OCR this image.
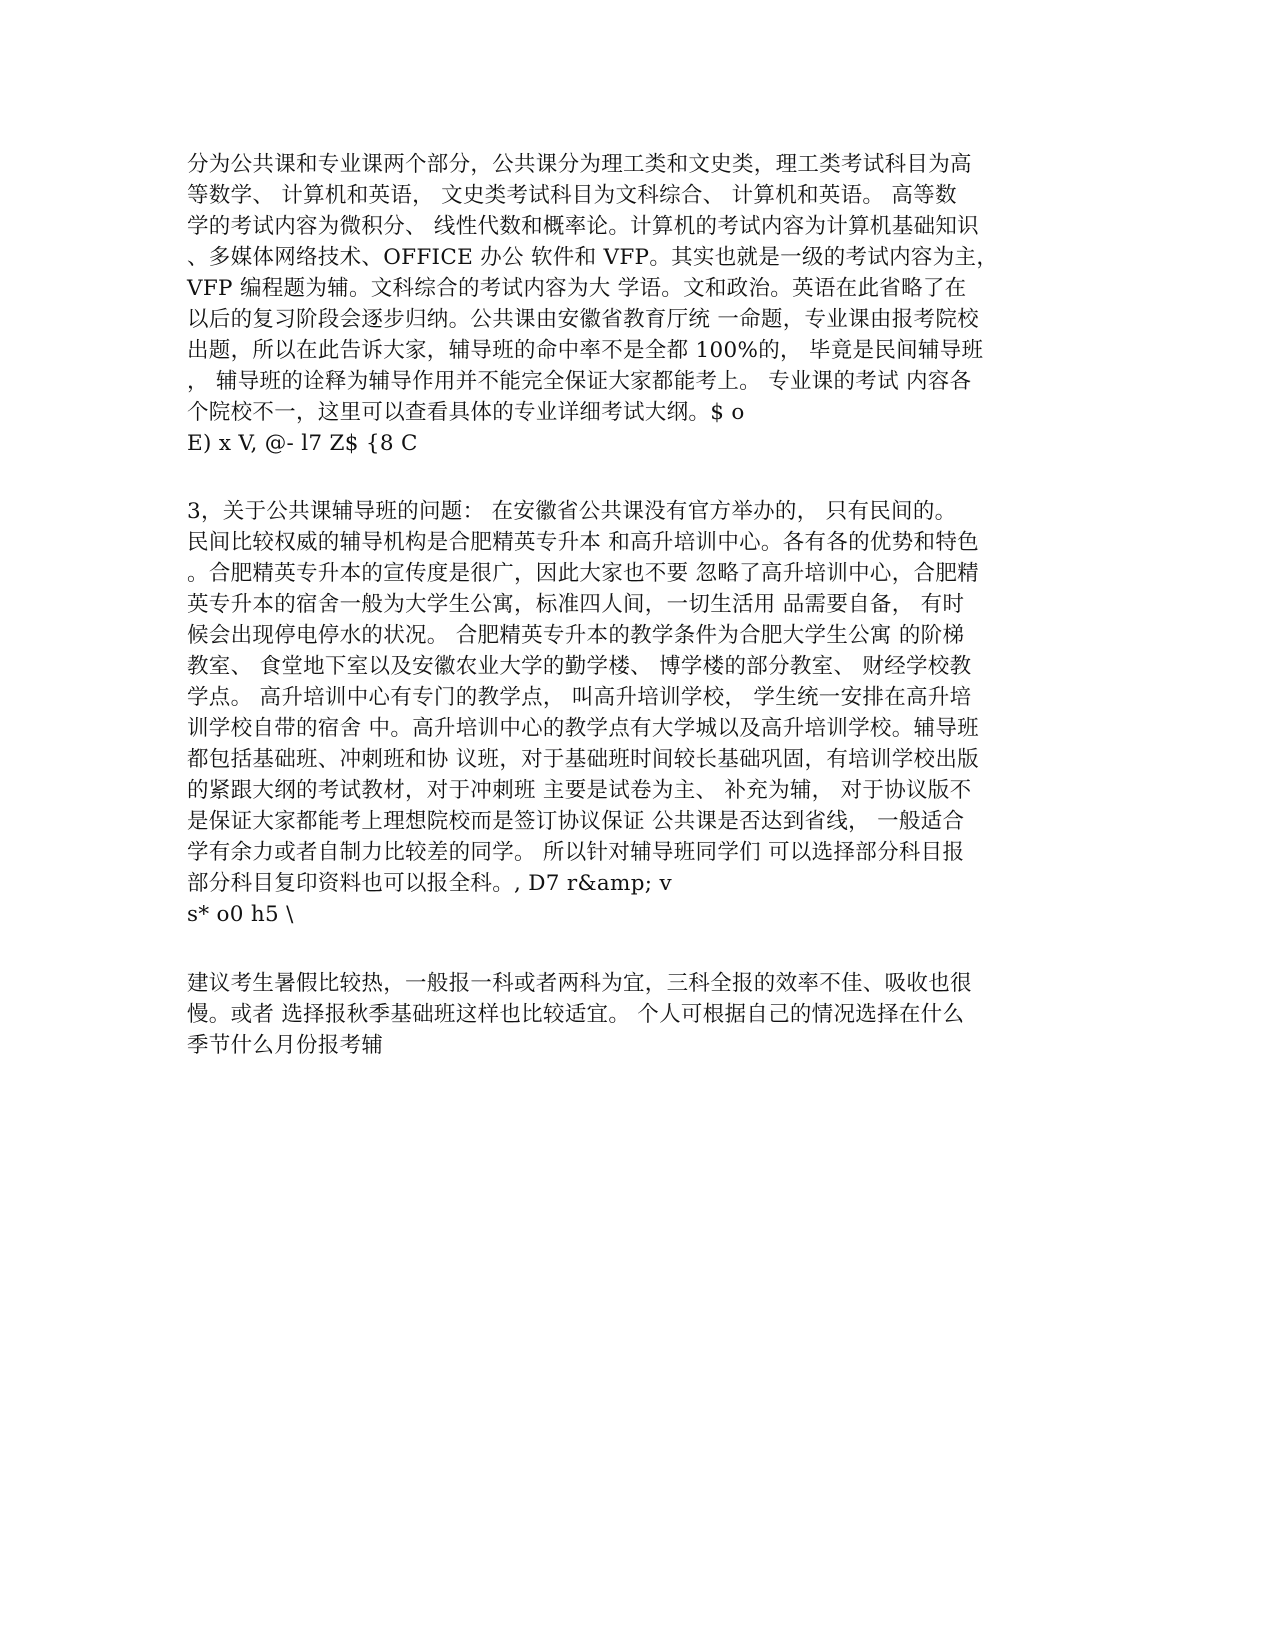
分为公共课和专业课两个部分，公共课分为理工类和文史类，理工类考试科目为高
等数学、 计算机和英语， 文史类考试科目为文科综合、 计算机和英语。 高等数
学的考试内容为微积分、 线性代数和概率论。计算机的考试内容为计算机基础知识
、多媒体网络技术、OFFICE 办公 软件和 VFP。其实也就是一级的考试内容为主，
VFP 编程题为辅。文科综合的考试内容为大 学语。文和政治。英语在此省略了在
以后的复习阶段会逐步归纳。公共课由安徽省教育厅统 一命题，专业课由报考院校
出题，所以在此告诉大家，辅导班的命中率不是全都 100%的， 毕竟是民间辅导班
， 辅导班的诠释为辅导作用并不能完全保证大家都能考上。 专业课的考试 内容各
个院校不一，这里可以查看具体的专业详细考试大纲。$ o
E) x V, @- l7 Z$ {8 C
3，关于公共课辅导班的问题： 在安徽省公共课没有官方举办的， 只有民间的。
民间比较权威的辅导机构是合肥精英专升本 和高升培训中心。各有各的优势和特色
。合肥精英专升本的宣传度是很广，因此大家也不要 忽略了高升培训中心，合肥精
英专升本的宿舍一般为大学生公寓，标准四人间，一切生活用 品需要自备， 有时
候会出现停电停水的状况。 合肥精英专升本的教学条件为合肥大学生公寓 的阶梯
教室、 食堂地下室以及安徽农业大学的勤学楼、 博学楼的部分教室、 财经学校教
学点。 高升培训中心有专门的教学点， 叫高升培训学校， 学生统一安排在高升培
训学校自带的宿舍 中。高升培训中心的教学点有大学城以及高升培训学校。辅导班
都包括基础班、冲刺班和协 议班，对于基础班时间较长基础巩固，有培训学校出版
的紧跟大纲的考试教材，对于冲刺班 主要是试卷为主、 补充为辅， 对于协议版不
是保证大家都能考上理想院校而是签订协议保证 公共课是否达到省线， 一般适合
学有余力或者自制力比较差的同学。 所以针对辅导班同学们 可以选择部分科目报
部分科目复印资料也可以报全科。, D7 r&amp; v
s* o0 h5 \
建议考生暑假比较热，一般报一科或者两科为宜，三科全报的效率不佳、吸收也很
慢。或者 选择报秋季基础班这样也比较适宜。 个人可根据自己的情况选择在什么
季节什么月份报考辅
